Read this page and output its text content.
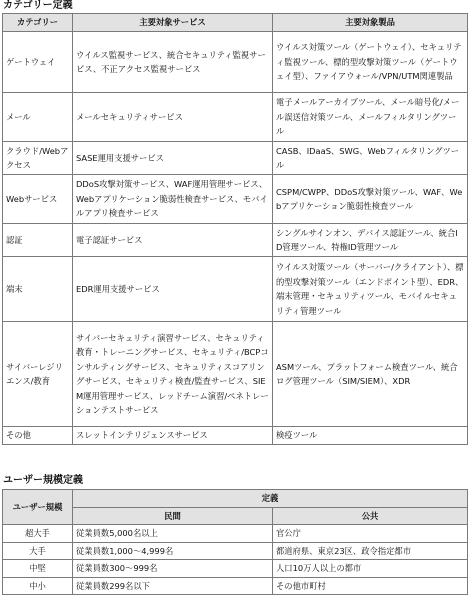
カテゴリー定義
カテゴリー	主要対象サービス	主要対象製品
ゲートウェイ	ウイルス監視サービス、統合セキュリティ監視サービス、不正アクセス監視サービス	ウイルス対策ツール（ゲートウェイ）、セキュリティ監視ツール、標的型攻撃対策ツール（ゲートウェイ型）、ファイアウォール/VPN/UTM関連製品
メール	メールセキュリティサービス	電子メールアーカイブツール、メール暗号化/メール誤送信対策ツール、メールフィルタリングツール
クラウド/Webアクセス	SASE運用支援サービス	CASB、IDaaS、SWG、Webフィルタリングツール
Webサービス	DDoS攻撃対策サービス、WAF運用管理サービス、Webアプリケーション脆弱性検査サービス、モバイルアプリ検査サービス	CSPM/CWPP、DDoS攻撃対策ツール、WAF、Webアプリケーション脆弱性検査ツール
認証	電子認証サービス	シングルサインオン、デバイス認証ツール、統合ID管理ツール、特権ID管理ツール
端末	EDR運用支援サービス	ウイルス対策ツール（サーバー/クライアント）、標的型攻撃対策ツール（エンドポイント型）、EDR、端末管理・セキュリティツール、モバイルセキュリティ管理ツール
サイバーレジリエンス/教育	サイバーセキュリティ演習サービス、セキュリティ教育・トレーニングサービス、セキュリティ/BCPコンサルティングサービス、セキュリティスコアリングサービス、セキュリティ検査/監査サービス、SIEM運用管理サービス、レッドチーム演習/ペネトレーションテストサービス	ASMツール、プラットフォーム検査ツール、統合ログ管理ツール（SIM/SIEM）、XDR
その他	スレットインテリジェンスサービス	検疫ツール
ユーザー規模定義
ユーザー規模	定義	
	民間	公共
超大手	従業員数5,000名以上	官公庁
大手	従業員数1,000～4,999名	都道府県、東京23区、政令指定都市
中堅	従業員数300～999名	人口10万人以上の都市
中小	従業員数299名以下	その他市町村
